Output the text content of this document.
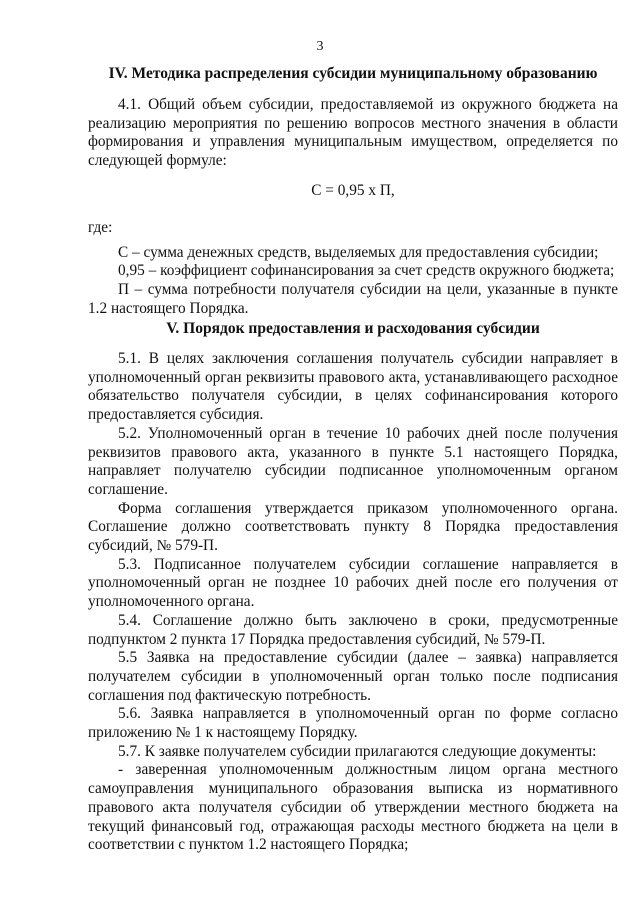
3
IV. Методика распределения субсидии муниципальному образованию

4.1. Общий объем субсидии, предоставляемой из окружного бюджета на реализацию мероприятия по решению вопросов местного значения в области формирования и управления муниципальным имуществом, определяется по следующей формуле:

С = 0,95 х П,

где:

С – сумма денежных средств, выделяемых для предоставления субсидии;

0,95 – коэффициент софинансирования за счет средств окружного бюджета;

П – сумма потребности получателя субсидии на цели, указанные в пункте 1.2 настоящего Порядка.

V. Порядок предоставления и расходования субсидии

5.1. В целях заключения соглашения получатель субсидии направляет в уполномоченный орган реквизиты правового акта, устанавливающего расходное обязательство получателя субсидии, в целях софинансирования которого предоставляется субсидия.

5.2. Уполномоченный орган в течение 10 рабочих дней после получения реквизитов правового акта, указанного в пункте 5.1 настоящего Порядка, направляет получателю субсидии подписанное уполномоченным органом соглашение.

Форма соглашения утверждается приказом уполномоченного органа. Соглашение должно соответствовать пункту 8 Порядка предоставления субсидий, № 579-П.

5.3. Подписанное получателем субсидии соглашение направляется в уполномоченный орган не позднее 10 рабочих дней после его получения от уполномоченного органа.

5.4. Соглашение должно быть заключено в сроки, предусмотренные подпунктом 2 пункта 17 Порядка предоставления субсидий, № 579-П.

5.5 Заявка на предоставление субсидии (далее – заявка) направляется получателем субсидии в уполномоченный орган только после подписания соглашения под фактическую потребность.

5.6. Заявка направляется в уполномоченный орган по форме согласно приложению № 1 к настоящему Порядку.

5.7. К заявке получателем субсидии прилагаются следующие документы:

- заверенная уполномоченным должностным лицом органа местного самоуправления муниципального образования выписка из нормативного правового акта получателя субсидии об утверждении местного бюджета на текущий финансовый год, отражающая расходы местного бюджета на цели в соответствии с пунктом 1.2 настоящего Порядка;
